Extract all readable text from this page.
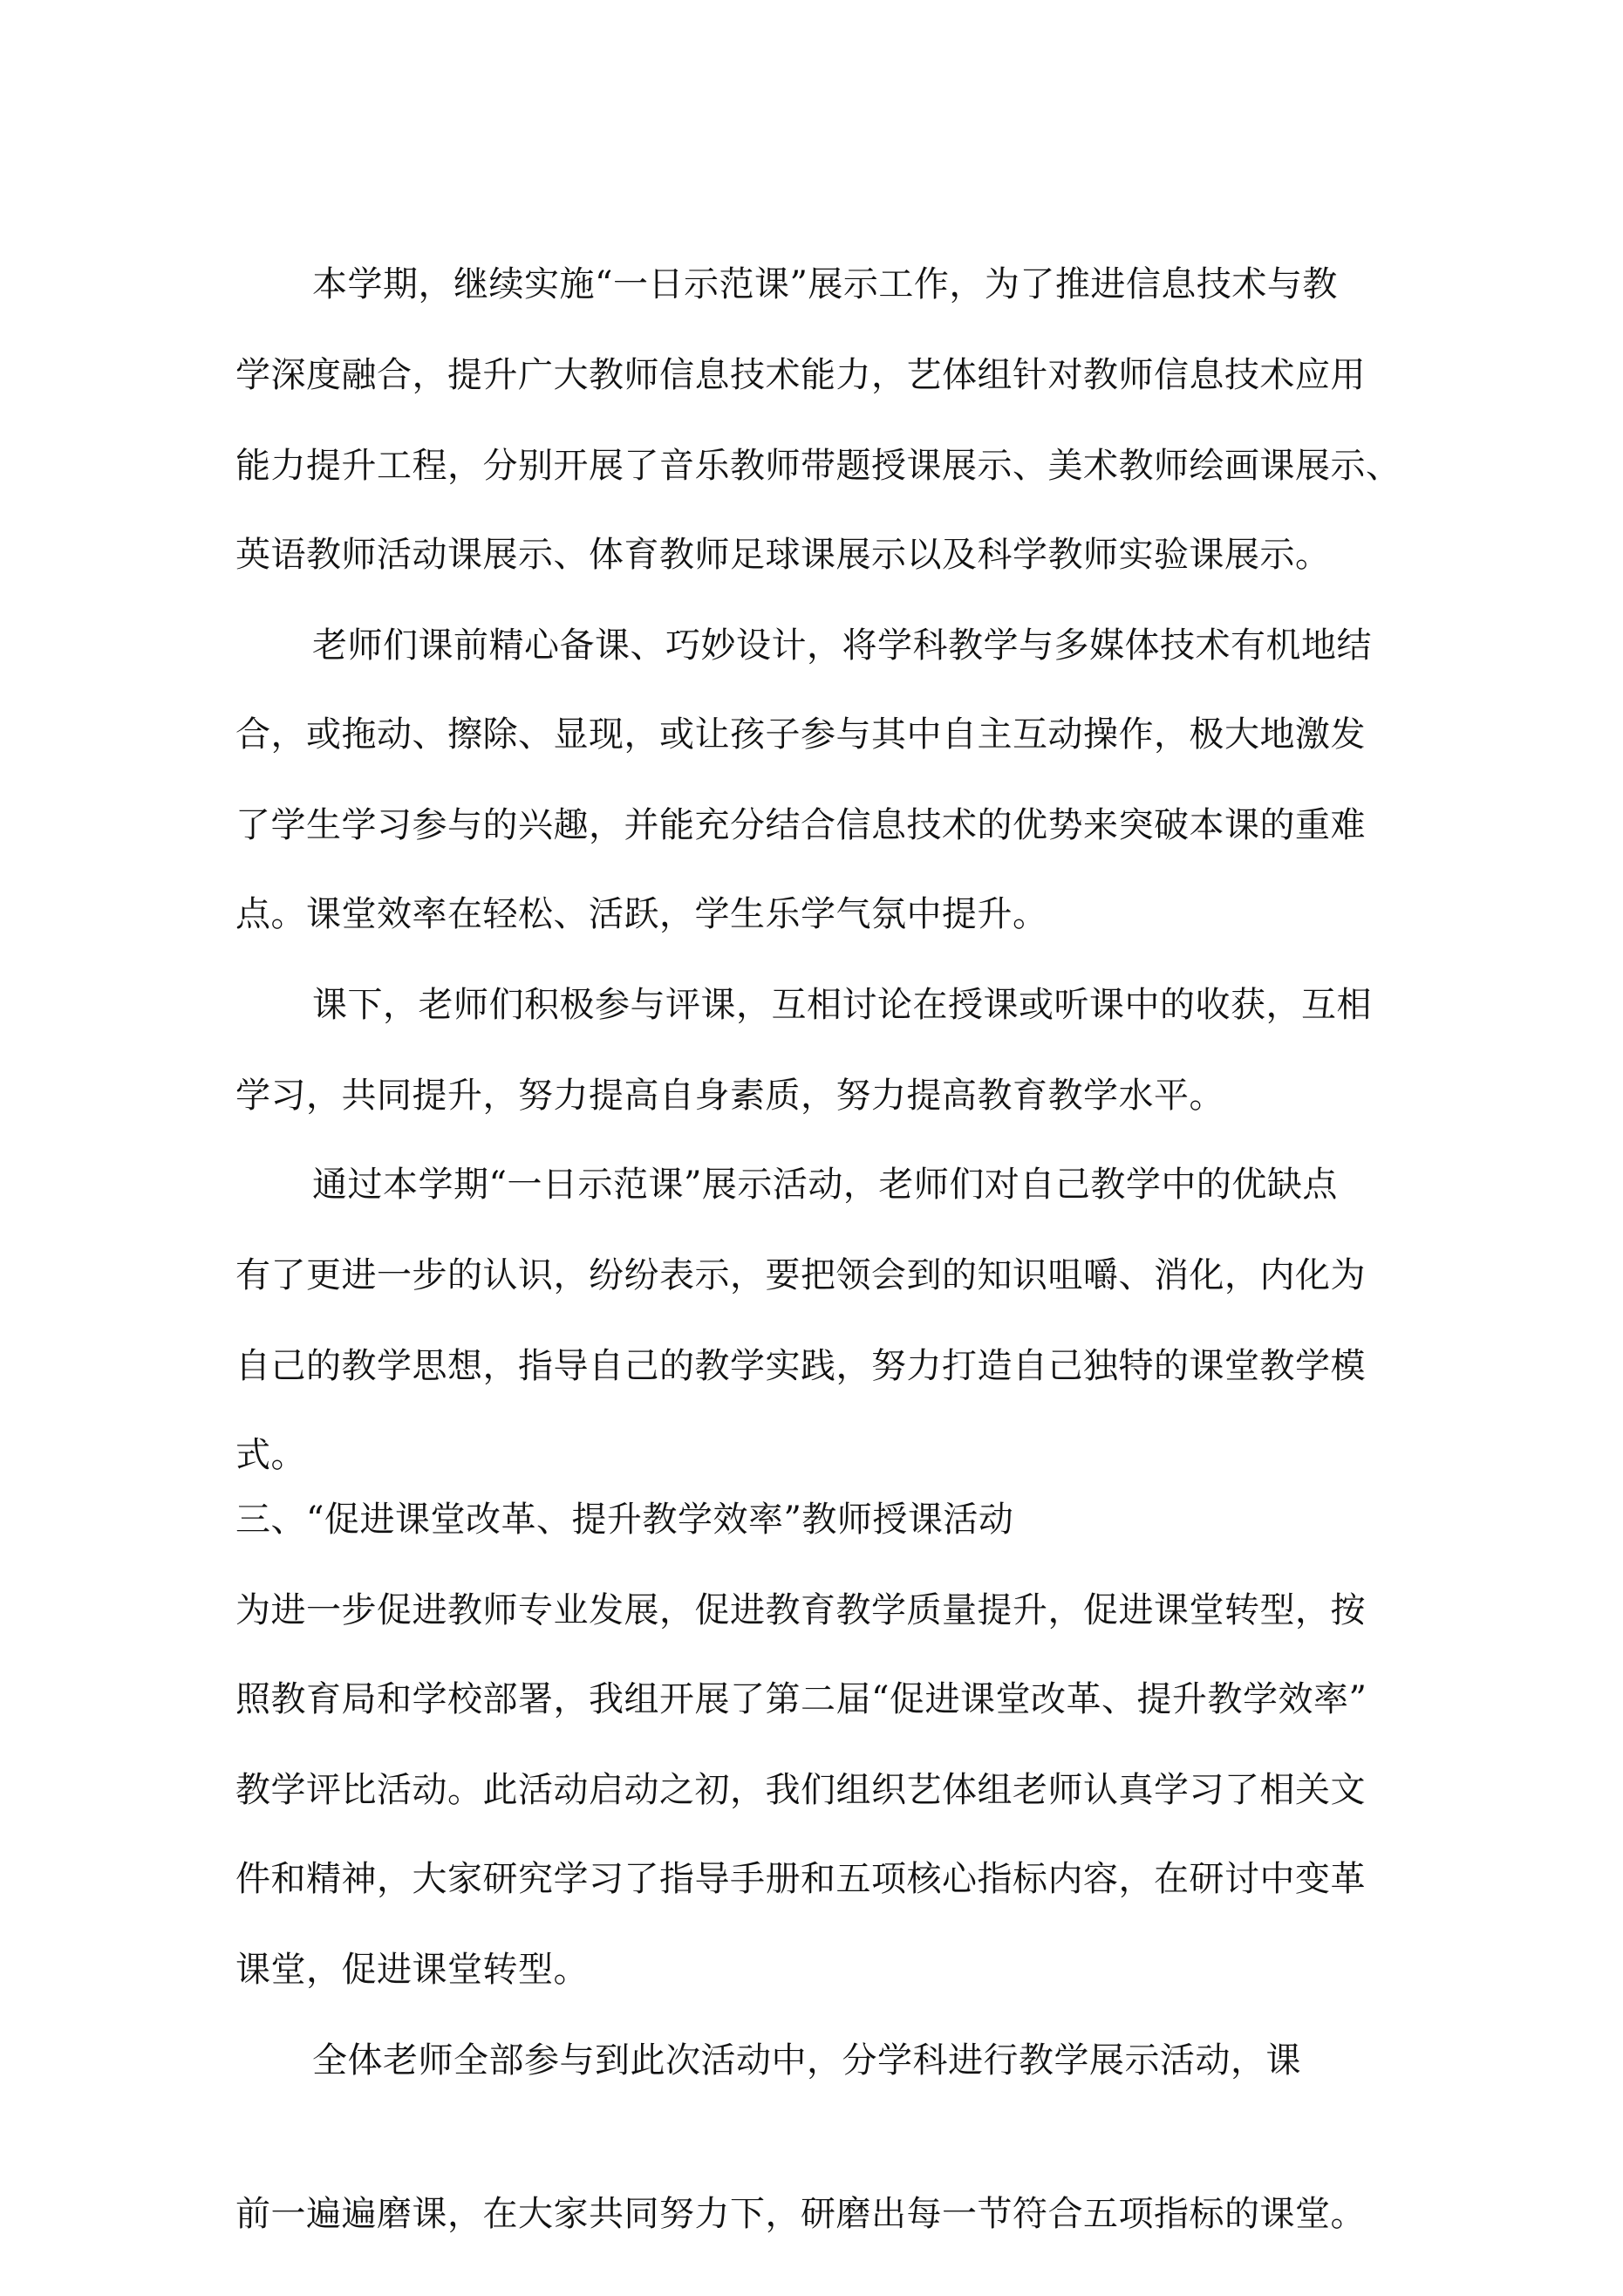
本学期，继续实施“一日示范课”展示工作，为了推进信息技术与教
学深度融合，提升广大教师信息技术能力，艺体组针对教师信息技术应用
能力提升工程，分别开展了音乐教师带题授课展示、美术教师绘画课展示、
英语教师活动课展示、体育教师足球课展示以及科学教师实验课展示。
老师们课前精心备课、巧妙设计，将学科教学与多媒体技术有机地结
合，或拖动、擦除、显现，或让孩子参与其中自主互动操作，极大地激发
了学生学习参与的兴趣，并能充分结合信息技术的优势来突破本课的重难
点。课堂效率在轻松、活跃，学生乐学气氛中提升。
课下，老师们积极参与评课，互相讨论在授课或听课中的收获，互相
学习，共同提升，努力提高自身素质，努力提高教育教学水平。
通过本学期“一日示范课”展示活动，老师们对自己教学中的优缺点
有了更进一步的认识，纷纷表示，要把领会到的知识咀嚼、消化，内化为
自己的教学思想，指导自己的教学实践，努力打造自己独特的课堂教学模
式。
三、“促进课堂改革、提升教学效率”教师授课活动
为进一步促进教师专业发展，促进教育教学质量提升，促进课堂转型，按
照教育局和学校部署，我组开展了第二届“促进课堂改革、提升教学效率”
教学评比活动。此活动启动之初，我们组织艺体组老师认真学习了相关文
件和精神，大家研究学习了指导手册和五项核心指标内容，在研讨中变革
课堂，促进课堂转型。
全体老师全部参与到此次活动中，分学科进行教学展示活动，课
前一遍遍磨课，在大家共同努力下，研磨出每一节符合五项指标的课堂。
